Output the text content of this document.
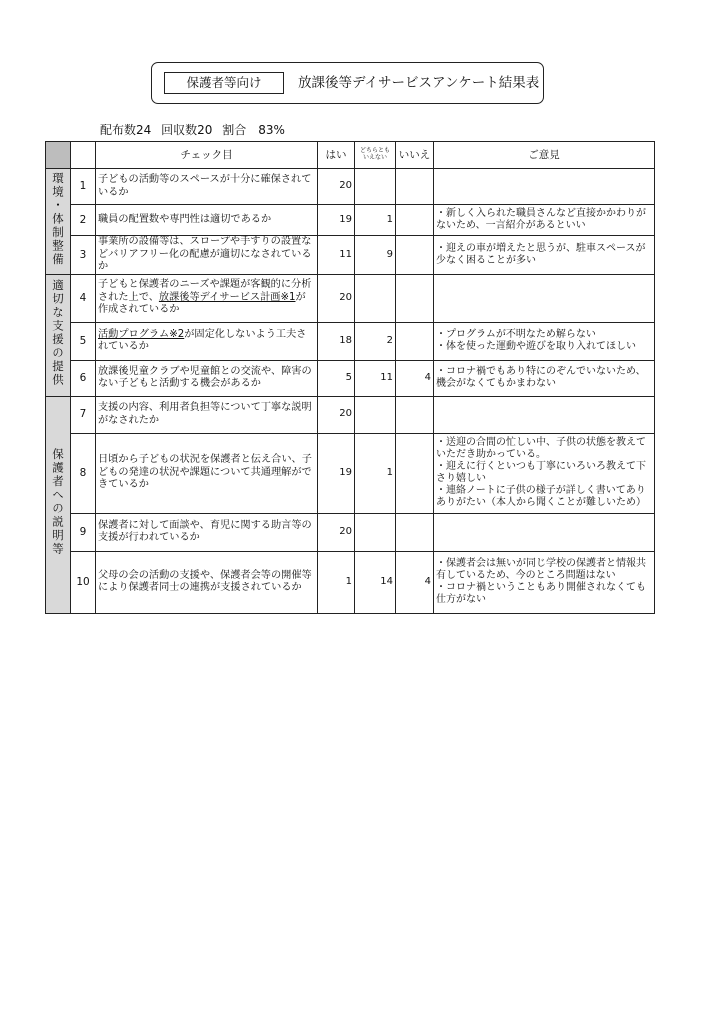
保護者等向け	放課後等デイサービスアンケート結果表
配布数24 回収数20 割合　83%
		チェック目	はい	どちらとも いえない	いいえ	ご意見
環境・体制整備	1	子どもの活動等のスペースが十分に確保されているか	20			
	2	職員の配置数や専門性は適切であるか	19	1		・新しく入られた職員さんなど直接かかわりがないため、一言紹介があるといい
	3	事業所の設備等は、スロープや手すりの設置などバリアフリー化の配慮が適切になされているか	11	9		・迎えの車が増えたと思うが、駐車スペースが少なく困ることが多い
適切な支援の提供	4	子どもと保護者のニーズや課題が客観的に分析された上で、放課後等デイサービス計画※1が作成されているか	20			
	5	活動プログラム※2が固定化しないよう工夫されているか	18	2		・プログラムが不明なため解らない
・体を使った運動や遊びを取り入れてほしい

	6	放課後児童クラブや児童館との交流や、障害のない子どもと活動する機会があるか	5	11	4	・コロナ禍でもあり特にのぞんでいないため、機会がなくてもかまわない
保護者への説明等	7	支援の内容、利用者負担等について丁寧な説明がなされたか	20			
	8	日頃から子どもの状況を保護者と伝え合い、子どもの発達の状況や課題について共通理解ができているか	19	1		・送迎の合間の忙しい中、子供の状態を教えていただき助かっている。
・迎えに行くといつも丁寧にいろいろ教えて下さり嬉しい
・連絡ノートに子供の様子が詳しく書いてありありがたい（本人から聞くことが難しいため）

	9	保護者に対して面談や、育児に関する助言等の支援が行われているか	20			
	10	父母の会の活動の支援や、保護者会等の開催等により保護者同士の連携が支援されているか	1	14	4	・保護者会は無いが同じ学校の保護者と情報共有しているため、今のところ問題はない
・コロナ禍ということもあり開催されなくても仕方がない
